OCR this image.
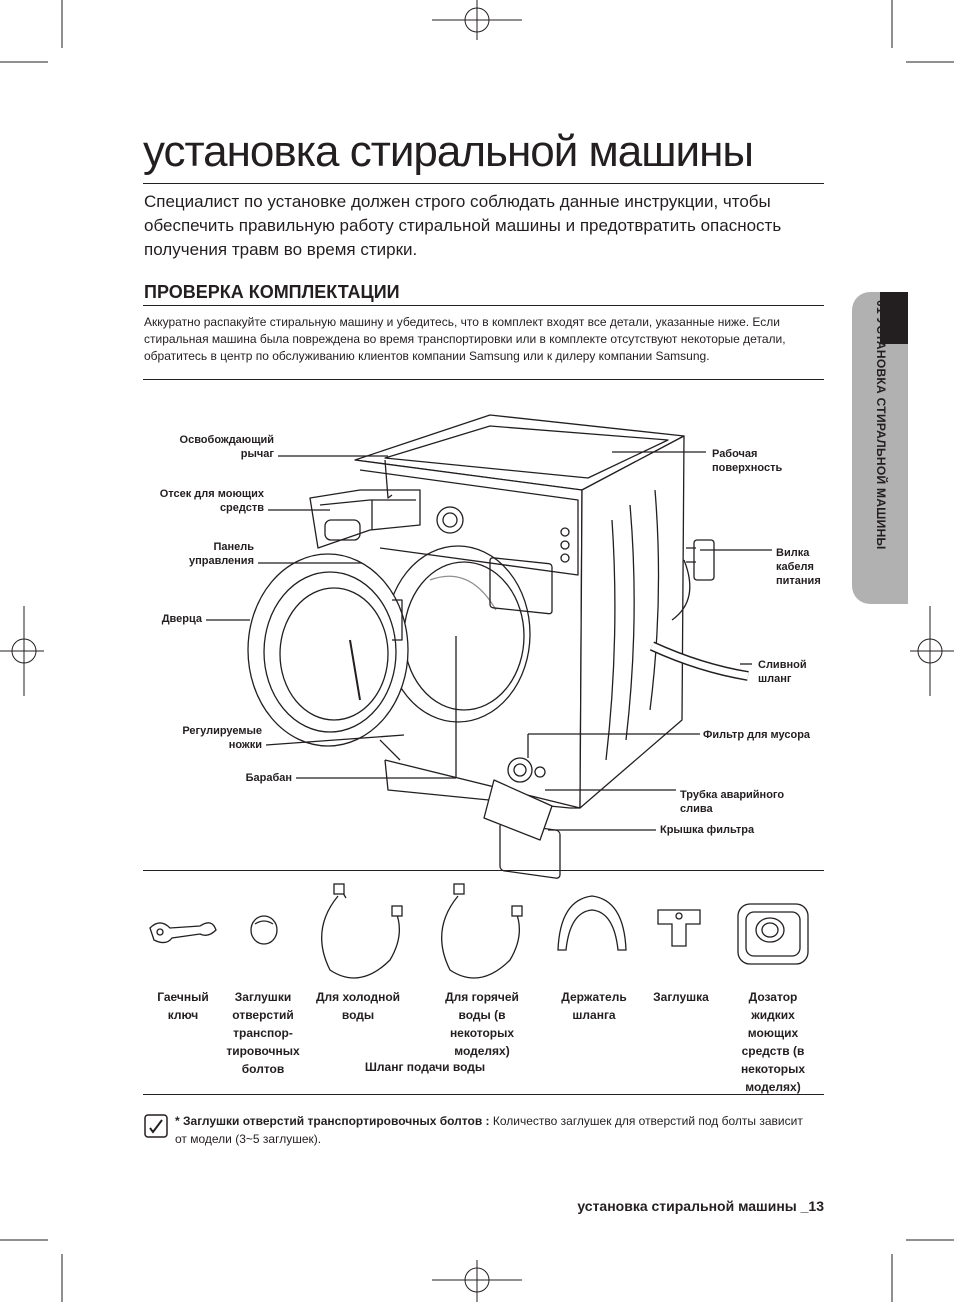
установка стиральной машины
Специалист по установке должен строго соблюдать данные инструкции, чтобы обеспечить правильную работу стиральной машины и предотвратить опасность получения травм во время стирки.
ПРОВЕРКА КОМПЛЕКТАЦИИ
Аккуратно распакуйте стиральную машину и убедитесь, что в комплект входят все детали, указанные ниже. Если стиральная машина была повреждена во время транспортировки или в комплекте отсутствуют некоторые детали, обратитесь в центр по обслуживанию клиентов компании Samsung или к дилеру компании Samsung.	01 УСТАНОВКА СТИРАЛЬНОЙ МАШИНЫ
Освобождающий рычаг
Отсек для моющих средств
Панель управления
Дверца
Регулируемые ножки
Барабан
Рабочая поверхность
Вилка кабеля питания
Сливной шланг
Фильтр для мусора
Трубка аварийного слива
Крышка фильтра
Гаечный ключ
Заглушки отверстий транспор-тировочных болтов
Для холодной воды
Для горячей воды (в некоторых моделях)
Держатель шланга
Заглушка	Дозатор жидких моющих средств (в некоторых моделях)
Шланг подачи воды
* Заглушки отверстий транспортировочных болтов : Количество заглушек для отверстий под болты зависит от модели (3~5 заглушек).
установка стиральной машины _13
